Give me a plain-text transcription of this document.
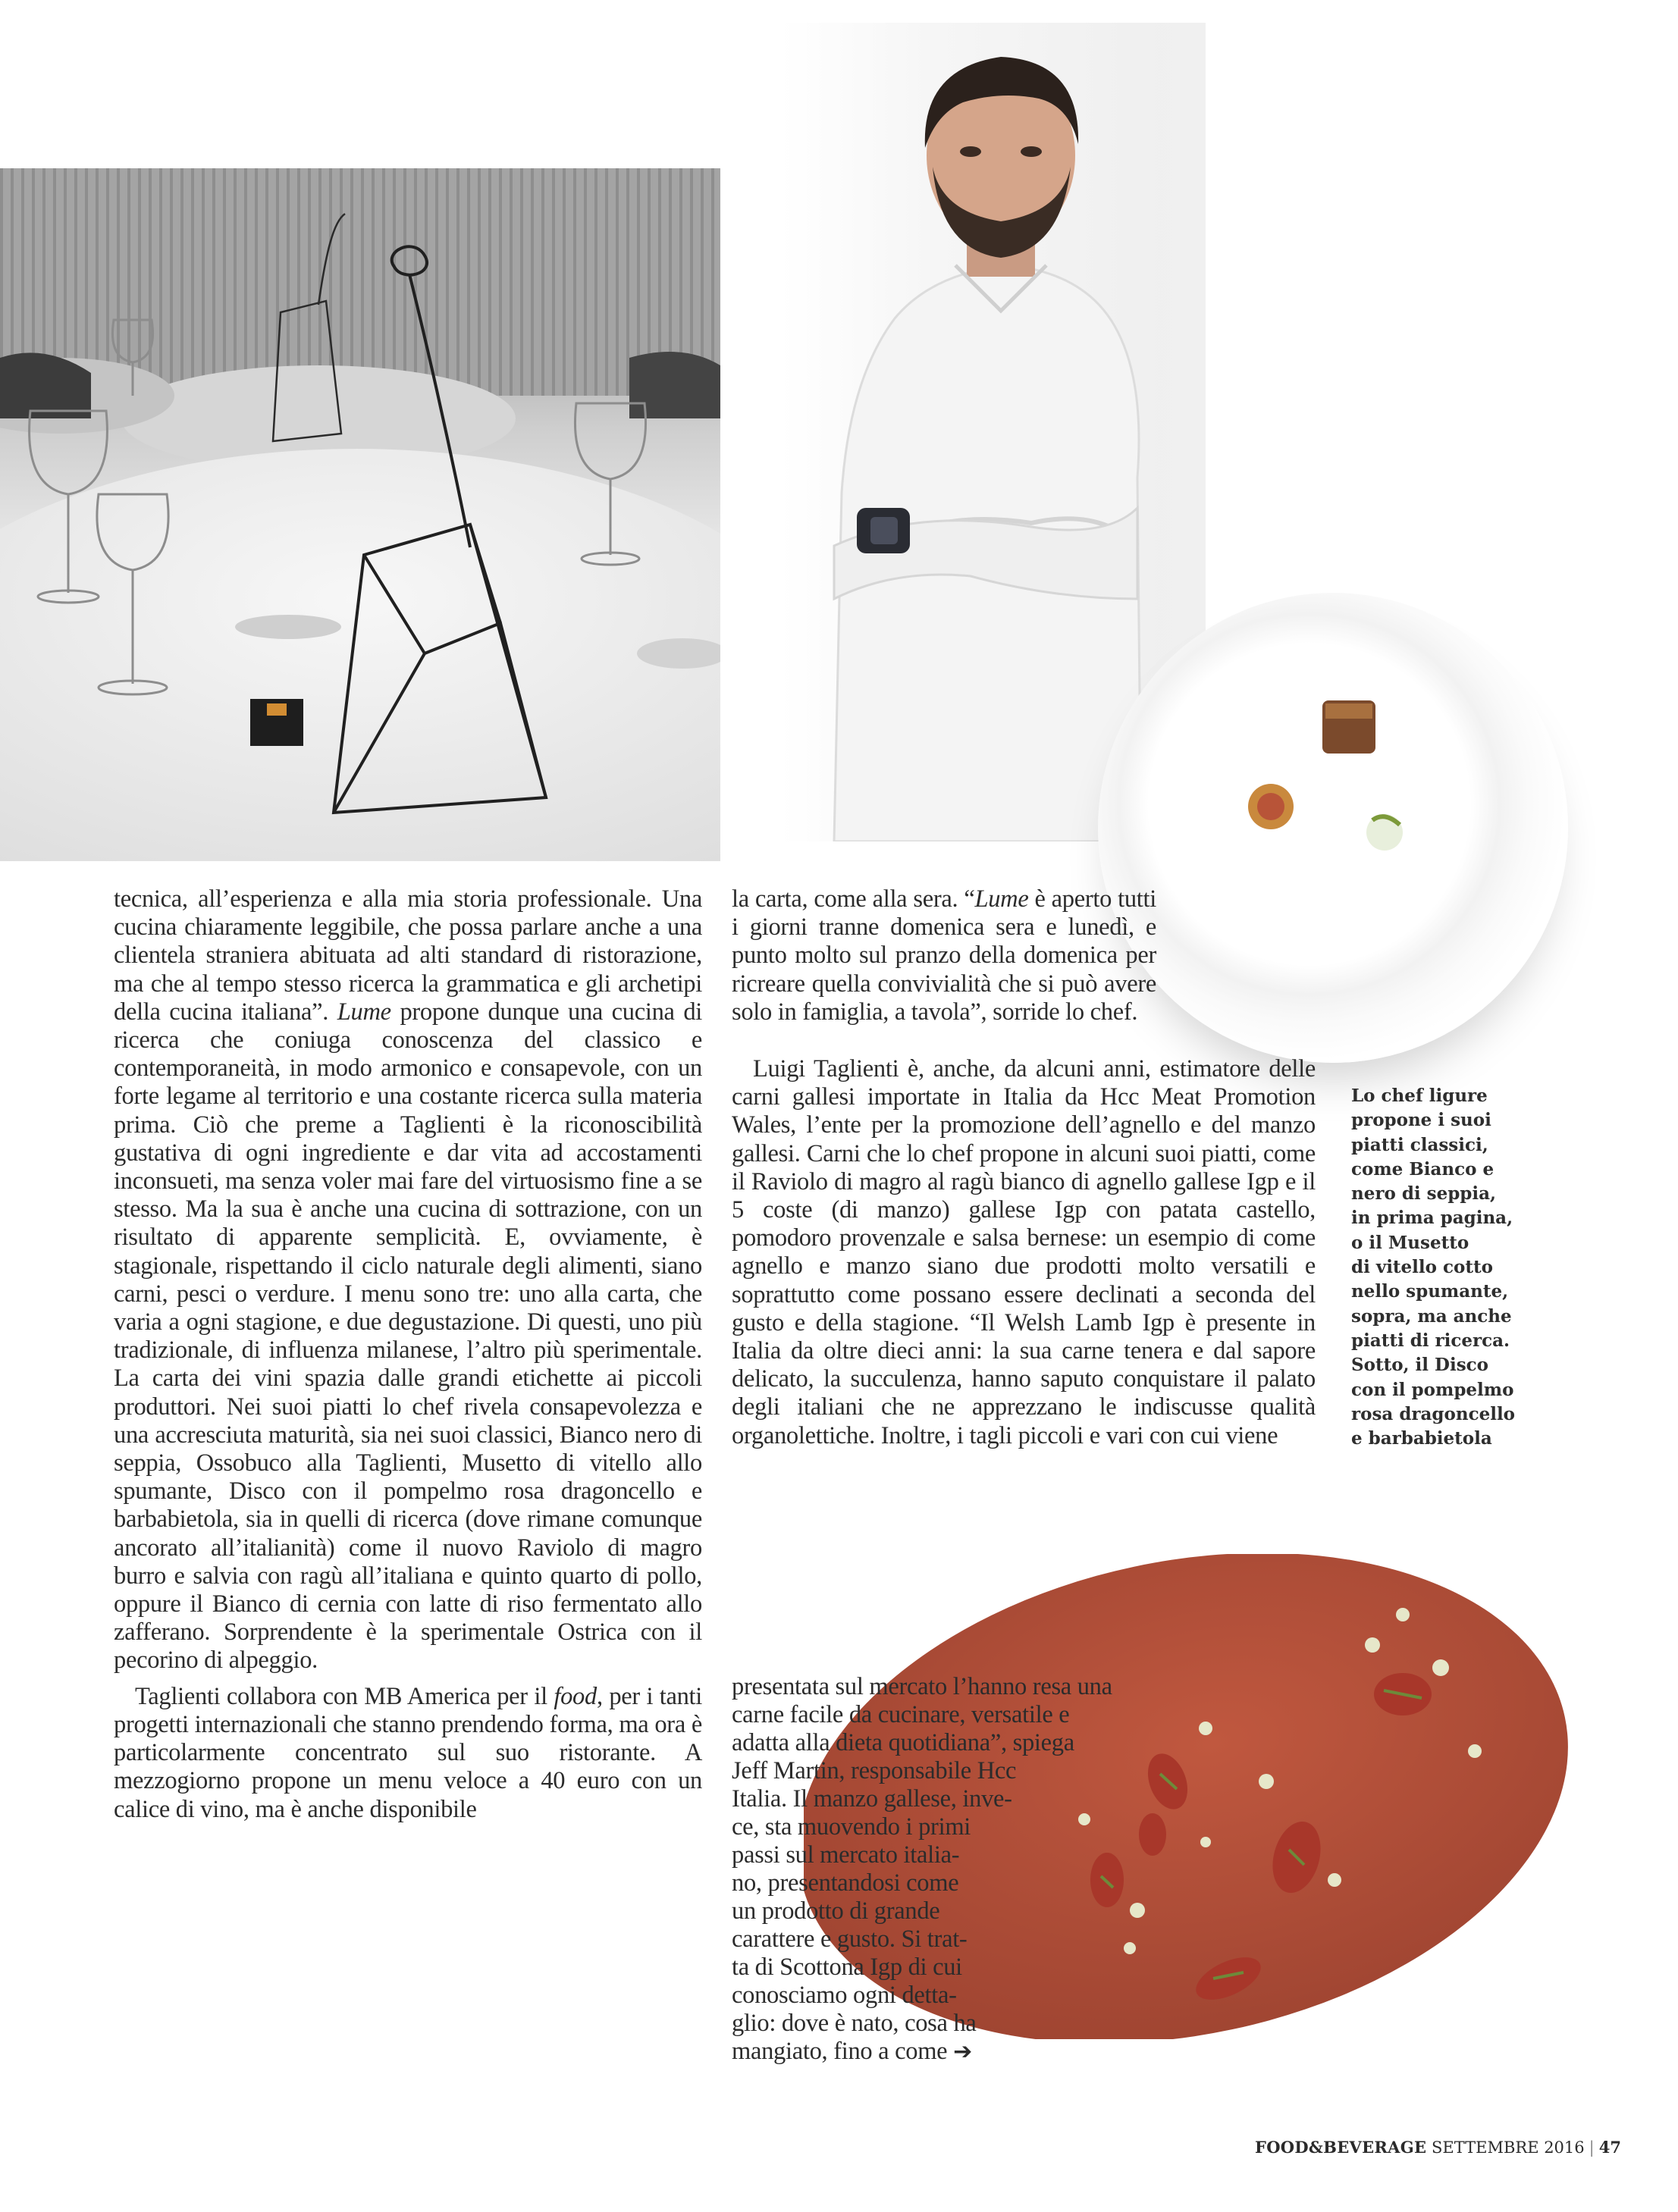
tecnica, all’esperienza e alla mia storia professionale. Una cucina chiaramente leggibile, che possa parlare anche a una clientela straniera abituata ad alti standard di ristorazione, ma che al tempo stesso ricerca la grammatica e gli archetipi della cucina italiana”. Lume propone dunque una cucina di ricerca che coniuga conoscenza del classico e contemporaneità, in modo armonico e consapevole, con un forte legame al territorio e una costante ricerca sulla materia prima. Ciò che preme a Taglienti è la riconoscibilità gustativa di ogni ingrediente e dar vita ad accostamenti inconsueti, ma senza voler mai fare del virtuosismo fine a se stesso. Ma la sua è anche una cucina di sottrazione, con un risultato di apparente semplicità. E, ovviamente, è stagionale, rispettando il ciclo naturale degli alimenti, siano carni, pesci o verdure. I menu sono tre: uno alla carta, che varia a ogni stagione, e due degustazione. Di questi, uno più tradizionale, di influenza milanese, l’altro più sperimentale. La carta dei vini spazia dalle grandi etichette ai piccoli produttori. Nei suoi piatti lo chef rivela consapevolezza e una accresciuta maturità, sia nei suoi classici, Bianco nero di seppia, Ossobuco alla Taglienti, Musetto di vitello allo spumante, Disco con il pompelmo rosa dragoncello e barbabietola, sia in quelli di ricerca (dove rimane comunque ancorato all’italianità) come il nuovo Raviolo di magro burro e salvia con ragù all’italiana e quinto quarto di pollo, oppure il Bianco di cernia con latte di riso fermentato allo zafferano. Sorprendente è la sperimentale Ostrica con il pecorino di alpeggio.

Taglienti collabora con MB America per il food, per i tanti progetti internazionali che stanno prendendo forma, ma ora è particolarmente concentrato sul suo ristorante. A mezzogiorno propone un menu veloce a 40 euro con un calice di vino, ma è anche disponibile

la carta, come alla sera. “Lume è aperto tutti i giorni tranne domenica sera e lunedì, e punto molto sul pranzo della domenica per ricreare quella convivialità che si può avere solo in famiglia, a tavola”, sorride lo chef.

Luigi Taglienti è, anche, da alcuni anni, estimatore delle carni gallesi importate in Italia da Hcc Meat Promotion Wales, l’ente per la promozione dell’agnello e del manzo gallesi. Carni che lo chef propone in alcuni suoi piatti, come il Raviolo di magro al ragù bianco di agnello gallese Igp e il 5 coste (di manzo) gallese Igp con patata castello, pomodoro provenzale e salsa bernese: un esempio di come agnello e manzo siano due prodotti molto versatili e soprattutto come possano essere declinati a seconda del gusto e della stagione. “Il Welsh Lamb Igp è presente in Italia da oltre dieci anni: la sua carne tenera e dal sapore delicato, la succulenza, hanno saputo conquistare il palato degli italiani che ne apprezzano le indiscusse qualità organolettiche. Inoltre, i tagli piccoli e vari con cui viene

presentata sul mercato l’hanno resa una
carne facile da cucinare, versatile e
adatta alla dieta quotidiana”, spiega
Jeff Martin, responsabile Hcc
Italia. Il manzo gallese, inve-
ce, sta muovendo i primi
passi sul mercato italia-
no, presentandosi come
un prodotto di grande
carattere e gusto. Si trat-
ta di Scottona Igp di cui
conosciamo ogni detta-
glio: dove è nato, cosa ha
mangiato, fino a come ➔
Lo chef ligure
propone i suoi
piatti classici,
come Bianco e
nero di seppia,
in prima pagina,
o il Musetto
di vitello cotto
nello spumante,
sopra, ma anche
piatti di ricerca.
Sotto, il Disco
con il pompelmo
rosa dragoncello
e barbabietola
FOOD&BEVERAGE SETTEMBRE 2016 | 47
